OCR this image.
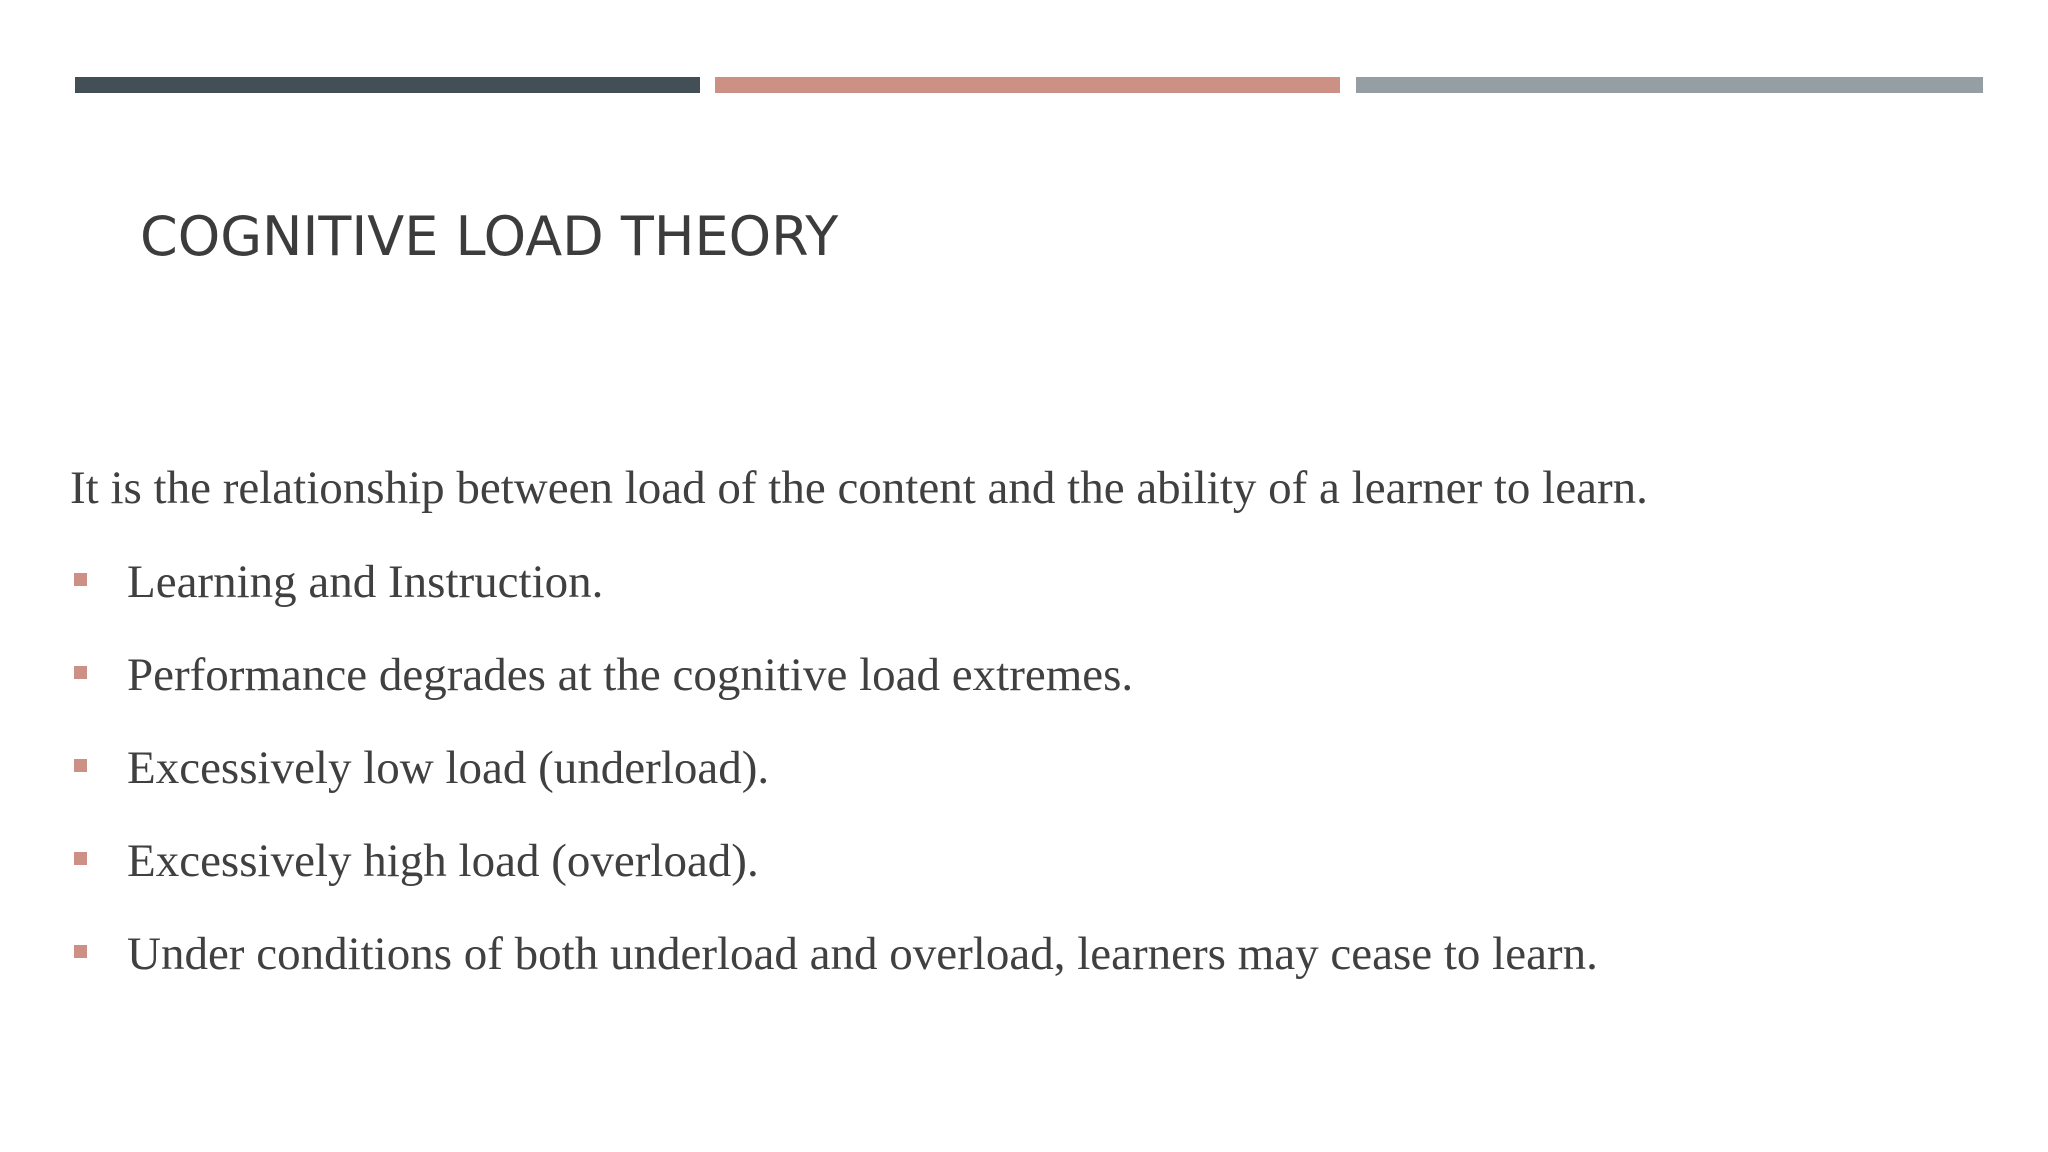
COGNITIVE LOAD THEORY

It is the relationship between load of the content and the ability of a learner to learn.

Learning and Instruction.
Performance degrades at the cognitive load extremes.
Excessively low load (underload).
Excessively high load (overload).
Under conditions of both underload and overload, learners may cease to learn.
